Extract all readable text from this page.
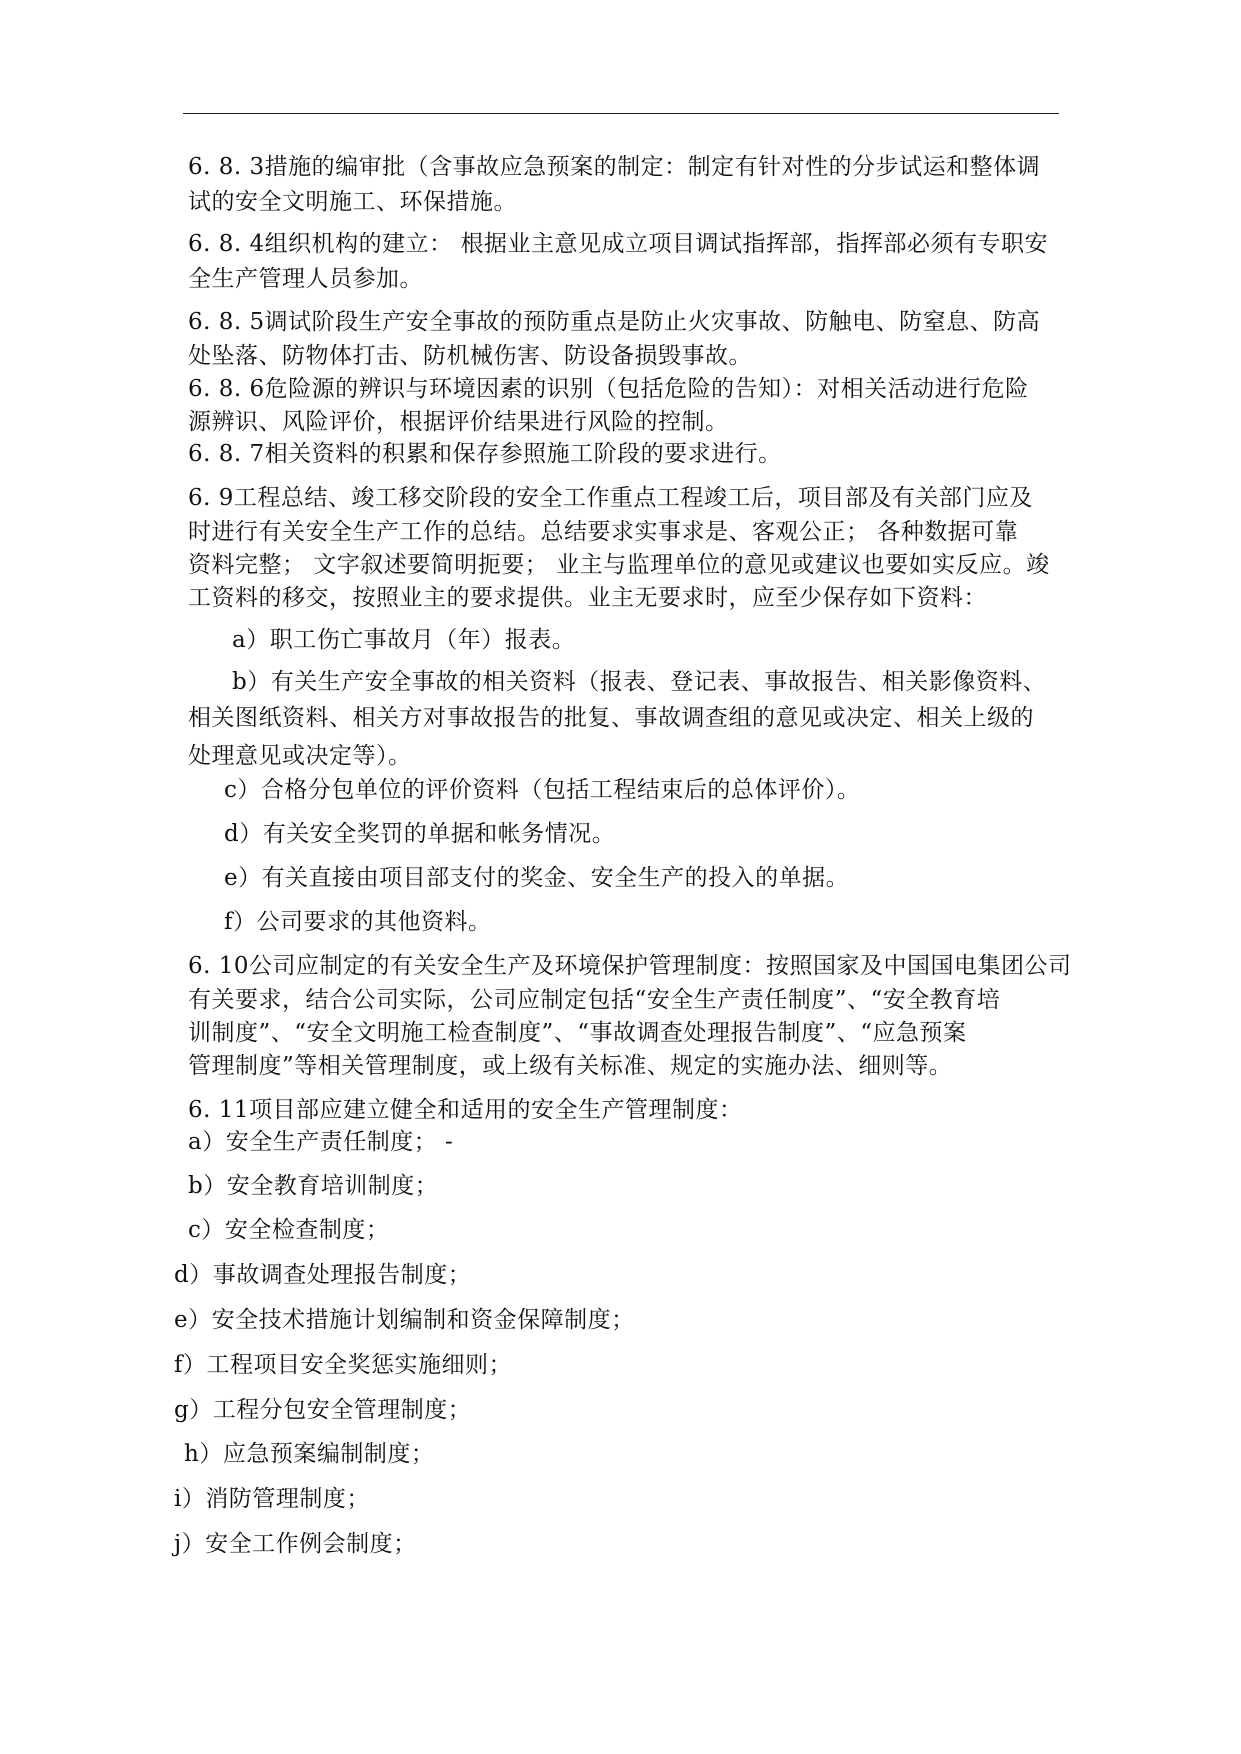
6. 8. 3措施的编审批（含事故应急预案的制定：制定有针对性的分步试运和整体调
试的安全文明施工、环保措施。
6. 8. 4组织机构的建立： 根据业主意见成立项目调试指挥部，指挥部必须有专职安
全生产管理人员参加。
6. 8. 5调试阶段生产安全事故的预防重点是防止火灾事故、防触电、防窒息、防高
处坠落、防物体打击、防机械伤害、防设备损毁事故。
6. 8. 6危险源的辨识与环境因素的识别（包括危险的告知）：对相关活动进行危险
源辨识、风险评价，根据评价结果进行风险的控制。
6. 8. 7相关资料的积累和保存参照施工阶段的要求进行。
6. 9工程总结、竣工移交阶段的安全工作重点工程竣工后，项目部及有关部门应及
时进行有关安全生产工作的总结。总结要求实事求是、客观公正； 各种数据可靠
资料完整； 文字叙述要简明扼要； 业主与监理单位的意见或建议也要如实反应。竣
工资料的移交，按照业主的要求提供。业主无要求时，应至少保存如下资料：
a）职工伤亡事故月（年）报表。
b）有关生产安全事故的相关资料（报表、登记表、事故报告、相关影像资料、
相关图纸资料、相关方对事故报告的批复、事故调查组的意见或决定、相关上级的
处理意见或决定等）。
c）合格分包单位的评价资料（包括工程结束后的总体评价）。
d）有关安全奖罚的单据和帐务情况。
e）有关直接由项目部支付的奖金、安全生产的投入的单据。
f）公司要求的其他资料。
6. 10公司应制定的有关安全生产及环境保护管理制度：按照国家及中国国电集团公司
有关要求，结合公司实际，公司应制定包括“安全生产责任制度”、“安全教育培
训制度”、“安全文明施工检查制度”、“事故调查处理报告制度”、“应急预案
管理制度”等相关管理制度，或上级有关标准、规定的实施办法、细则等。
6. 11项目部应建立健全和适用的安全生产管理制度：
a）安全生产责任制度； -
b）安全教育培训制度；
c）安全检查制度；
d）事故调查处理报告制度；
e）安全技术措施计划编制和资金保障制度；
f）工程项目安全奖惩实施细则；
g）工程分包安全管理制度；
h）应急预案编制制度；
i）消防管理制度；
j）安全工作例会制度；
